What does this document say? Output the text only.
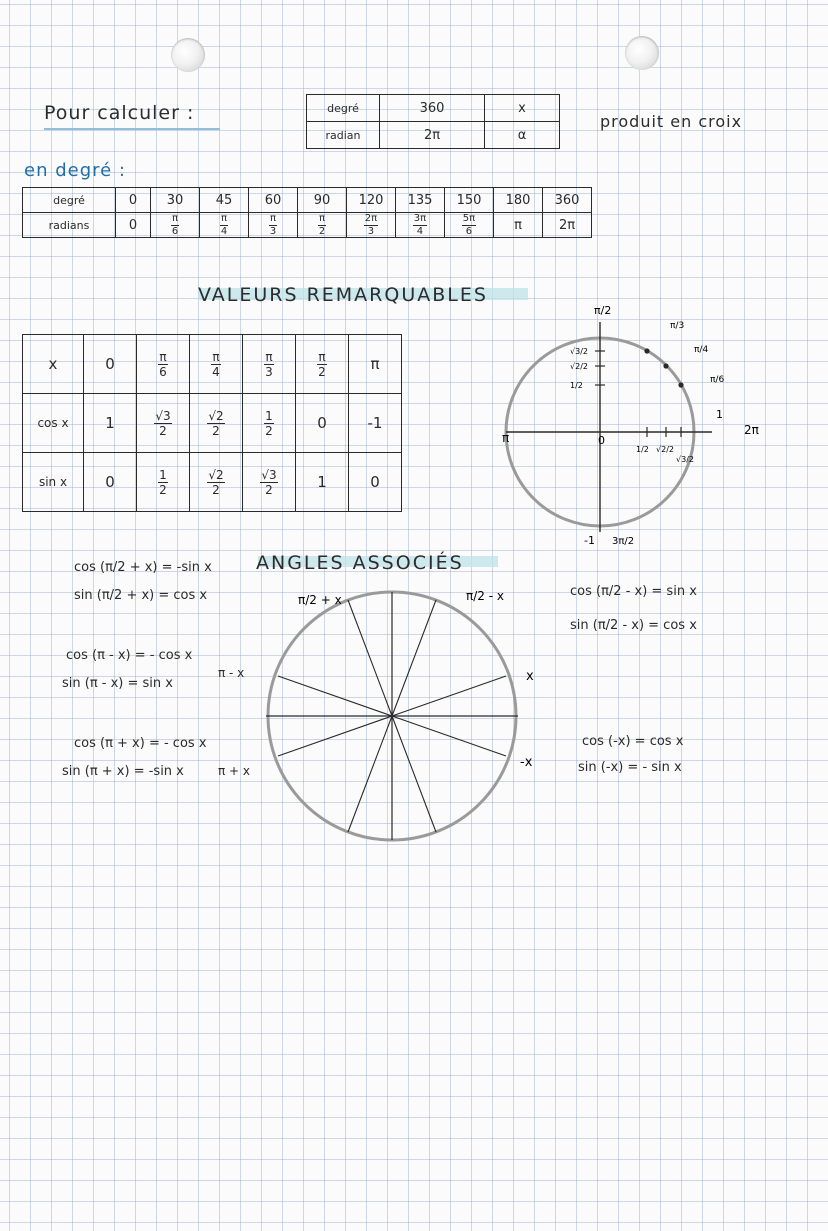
Pour calculer :	degré	360	x
radian	2π	α
produit en croix
en degré :
degré	0	30	45	60	90	120	135	150	180	360
radians	0	$\frac{\pi}{6}$	$\frac{\pi}{4}$	$\frac{\pi}{3}$	$\frac{\pi}{2}$	$\frac{2\pi}{3}$	$\frac{3\pi}{4}$	$\frac{5\pi}{6}$	π	2π
VALEURS REMARQUABLES
x	0	$\frac{\pi}{6}$	$\frac{\pi}{4}$	$\frac{\pi}{3}$	$\frac{\pi}{2}$	π
cos x	1	$\frac{√3}{2}$	$\frac{√2}{2}$	$\frac{1}{2}$	0	-1
sin x	0	$\frac{1}{2}$	$\frac{√2}{2}$	$\frac{√3}{2}$	1	0
π/2
π
2π
3π/2
0
-1
1
π/3
π/4
π/6
√3/2
√2/2
1/2
1/2 √2/2
√3/2
ANGLES ASSOCIÉS
cos (π/2 + x) = -sin x
sin (π/2 + x) = cos x
cos (π - x) = - cos x
sin (π - x) = sin x
cos (π + x) = - cos x
sin (π + x) = -sin x
cos (π/2 - x) = sin x
sin (π/2 - x) = cos x
cos (-x) = cos x
sin (-x) = - sin x
π/2 + x	π/2 - x
x
-x
π - x
π + x
